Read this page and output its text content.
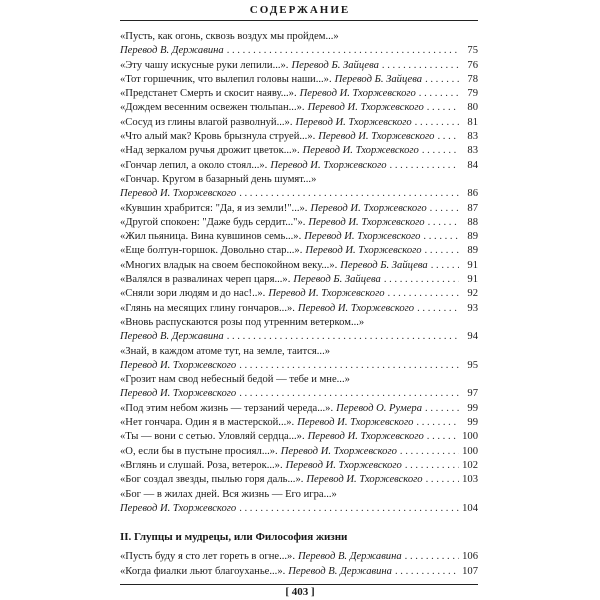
СОДЕРЖАНИЕ
«Пусть, как огонь, сквозь воздух мы пройдем...»
Перевод В. Державина . . .	75
«Эту чашу искусные руки лепили...». Перевод Б. Зайцева . . .	76
«Тот горшечник, что вылепил головы наши...». Перевод Б. Зайцева . . .	78
«Предстанет Смерть и скосит наяву...». Перевод И. Тхоржевского . . .	79
«Дождем весенним освежен тюльпан...». Перевод И. Тхоржевского . . .	80
«Сосуд из глины влагой разволнуй...». Перевод И. Тхоржевского . . .	81
«Что алый мак? Кровь брызнула струей...». Перевод И. Тхоржевского . . .	83
«Над зеркалом ручья дрожит цветок...». Перевод И. Тхоржевского . . .	83
«Гончар лепил, а около стоял...». Перевод И. Тхоржевского . . .	84
«Гончар. Кругом в базарный день шумят...»
Перевод И. Тхоржевского . . .	86
«Кувшин храбрится: "Да, я из земли!"...». Перевод И. Тхоржевского . . .	87
«Другой спокоен: "Даже будь сердит..."». Перевод И. Тхоржевского . . .	88
«Жил пьяница. Вина кувшинов семь...». Перевод И. Тхоржевского . . .	89
«Еще болтун-горшок. Довольно стар...». Перевод И. Тхоржевского . . .	89
«Многих владык на своем беспокойном веку...». Перевод Б. Зайцева . . .	91
«Валялся в развалинах череп царя...». Перевод Б. Зайцева . . .	91
«Сняли зори людям и до нас!..». Перевод И. Тхоржевского . . .	92
«Глянь на месящих глину гончаров...». Перевод И. Тхоржевского . . .	93
«Вновь распускаются розы под утренним ветерком...»
Перевод В. Державина . . .	94
«Знай, в каждом атоме тут, на земле, таится...»
Перевод И. Тхоржевского . . .	95
«Грозит нам свод небесный бедой — тебе и мне...»
Перевод И. Тхоржевского . . .	97
«Под этим небом жизнь — терзаний череда...». Перевод О. Румера . . .	99
«Нет гончара. Один я в мастерской...». Перевод И. Тхоржевского . . .	99
«Ты — вони с сетью. Уловляй сердца...». Перевод И. Тхоржевского . . .	100
«О, если бы в пустыне просиял...». Перевод И. Тхоржевского . . .	100
«Вглянь и слушай. Роза, ветерок...». Перевод И. Тхоржевского . . .	102
«Бог создал звезды, пылью горя даль...». Перевод И. Тхоржевского . . .	103
«Бог — в жилах дней. Вся жизнь — Его игра...»
Перевод И. Тхоржевского . . .	104
II. Глупцы и мудрецы, или Философия жизни
«Пусть буду я сто лет гореть в огне...». Перевод В. Державина . . .	106
«Когда фиалки льют благоуханье...». Перевод В. Державина . . .	107
[ 403 ]
